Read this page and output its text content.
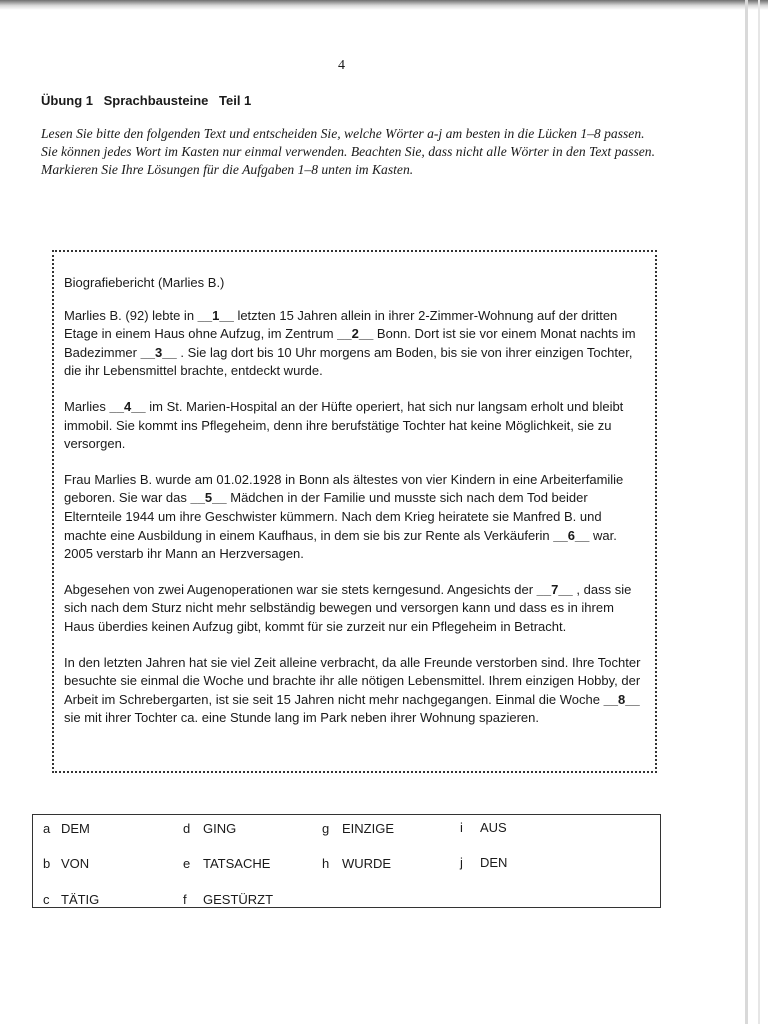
4
Übung 1 Sprachbausteine Teil 1
Lesen Sie bitte den folgenden Text und entscheiden Sie, welche Wörter a-j am besten in die Lücken 1–8 passen. Sie können jedes Wort im Kasten nur einmal verwenden. Beachten Sie, dass nicht alle Wörter in den Text passen. Markieren Sie Ihre Lösungen für die Aufgaben 1–8 unten im Kasten.

Biografiebericht (Marlies B.)

Marlies B. (92) lebte in __1__ letzten 15 Jahren allein in ihrer 2-Zimmer-Wohnung auf der dritten Etage in einem Haus ohne Aufzug, im Zentrum __2__ Bonn. Dort ist sie vor einem Monat nachts im Badezimmer __3__ . Sie lag dort bis 10 Uhr morgens am Boden, bis sie von ihrer einzigen Tochter, die ihr Lebensmittel brachte, entdeckt wurde.

Marlies __4__ im St. Marien-Hospital an der Hüfte operiert, hat sich nur langsam erholt und bleibt immobil. Sie kommt ins Pflegeheim, denn ihre berufstätige Tochter hat keine Möglichkeit, sie zu versorgen.

Frau Marlies B. wurde am 01.02.1928 in Bonn als ältestes von vier Kindern in eine Arbeiterfamilie geboren. Sie war das __5__ Mädchen in der Familie und musste sich nach dem Tod beider Elternteile 1944 um ihre Geschwister kümmern. Nach dem Krieg heiratete sie Manfred B. und machte eine Ausbildung in einem Kaufhaus, in dem sie bis zur Rente als Verkäuferin __6__ war. 2005 verstarb ihr Mann an Herzversagen.

Abgesehen von zwei Augenoperationen war sie stets kerngesund. Angesichts der __7__ , dass sie sich nach dem Sturz nicht mehr selbständig bewegen und versorgen kann und dass es in ihrem Haus überdies keinen Aufzug gibt, kommt für sie zurzeit nur ein Pflegeheim in Betracht.

In den letzten Jahren hat sie viel Zeit alleine verbracht, da alle Freunde verstorben sind. Ihre Tochter besuchte sie einmal die Woche und brachte ihr alle nötigen Lebensmittel. Ihrem einzigen Hobby, der Arbeit im Schrebergarten, ist sie seit 15 Jahren nicht mehr nachgegangen. Einmal die Woche __8__ sie mit ihrer Tochter ca. eine Stunde lang im Park neben ihrer Wohnung spazieren.

a DEM
b VON
c TÄTIG
d GING
e TATSACHE
f GESTÜRZT
g EINZIGE
h WURDE
i AUS
j DEN
